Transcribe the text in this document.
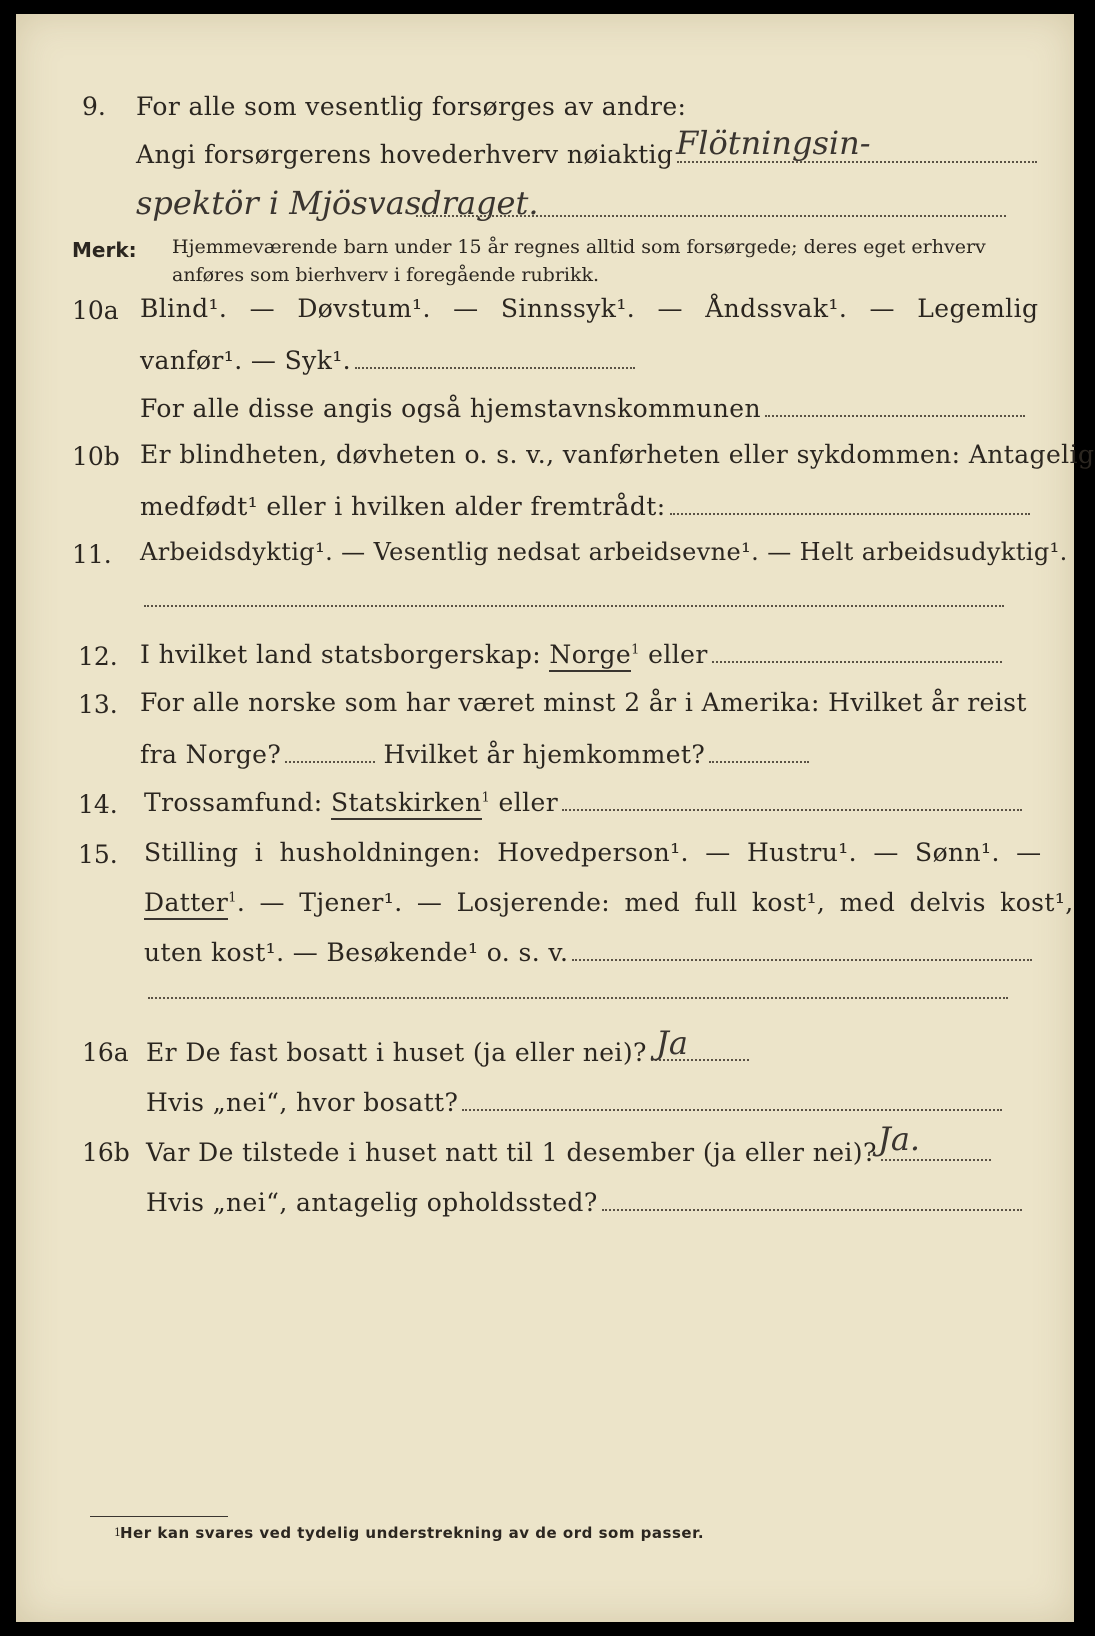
9. For alle som vesentlig forsørges av andre:
Angi forsørgerens hovederhverv nøiaktig Flötningsin-
spektör i Mjösvasdraget.
Merk: Hjemmeværende barn under 15 år regnes alltid som forsørgede; deres eget erhverv
anføres som bierhverv i foregående rubrikk.
10a Blind¹. — Døvstum¹. — Sinnssyk¹. — Åndssvak¹. — Legemlig
vanfør¹. — Syk¹.
For alle disse angis også hjemstavnskommunen
10b Er blindheten, døvheten o. s. v., vanførheten eller sykdommen: Antagelig
medfødt¹ eller i hvilken alder fremtrådt:
11. Arbeidsdyktig¹. — Vesentlig nedsat arbeidsevne¹. — Helt arbeidsudyktig¹.
12. I hvilket land statsborgerskap: Norge$^1$ eller
13. For alle norske som har været minst 2 år i Amerika: Hvilket år reist
fra Norge?	Hvilket år hjemkommet?
14. Trossamfund: Statskirken$^1$ eller
15. Stilling i husholdningen: Hovedperson¹. — Hustru¹. — Sønn¹. —
Datter$^1$. — Tjener¹. — Losjerende: med full kost¹, med delvis kost¹,
uten kost¹. — Besøkende¹ o. s. v.
16a Er De fast bosatt i huset (ja eller nei)? Ja
Hvis „nei“, hvor bosatt?
16b Var De tilstede i huset natt til 1 desember (ja eller nei)? Ja.
Hvis „nei“, antagelig opholdssted?
1 Her kan svares ved tydelig understrekning av de ord som passer.
